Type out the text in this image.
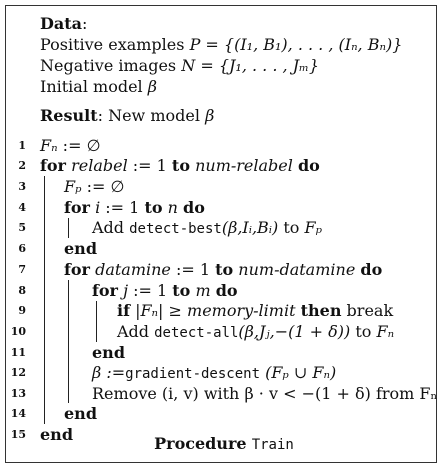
Data:
Positive examples P = {(I₁, B₁), . . . , (Iₙ, Bₙ)}
Negative images N = {J₁, . . . , Jₘ}
Initial model β
Result: New model β
1 Fₙ := ∅
2 for relabel := 1 to num-relabel do
3 Fₚ := ∅
4 for i := 1 to n do
5	Add detect-best(β,Iᵢ,Bᵢ) to Fₚ
6 end
7 for datamine := 1 to num-datamine do
8	for j := 1 to m do
9	if |Fₙ| ≥ memory-limit then break
10	Add detect-all(β,Jⱼ,−(1 + δ)) to Fₙ
11	end
12	β :=gradient-descent (Fₚ ∪ Fₙ)
13	Remove (i, v) with β · v < −(1 + δ) from Fₙ
14 end
15 end	Procedure Train
